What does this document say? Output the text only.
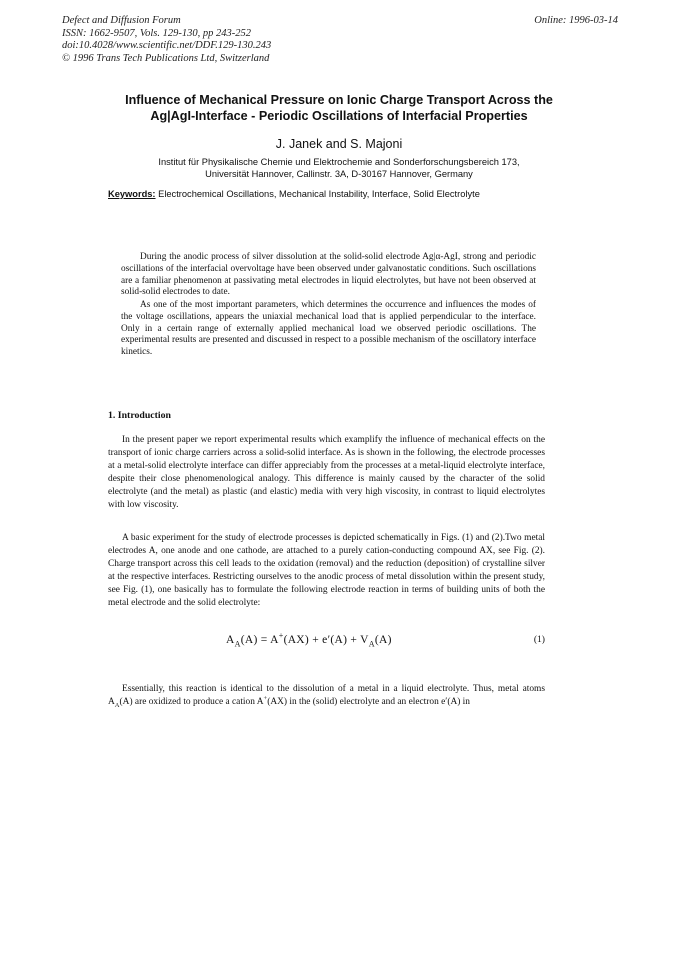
Defect and Diffusion Forum
ISSN: 1662-9507, Vols. 129-130, pp 243-252
doi:10.4028/www.scientific.net/DDF.129-130.243
© 1996 Trans Tech Publications Ltd, Switzerland
Online: 1996-03-14
Influence of Mechanical Pressure on Ionic Charge Transport Across the
Ag|AgI-Interface - Periodic Oscillations of Interfacial Properties

J. Janek and S. Majoni

Institut für Physikalische Chemie und Elektrochemie and Sonderforschungsbereich 173,
Universität Hannover, Callinstr. 3A, D-30167 Hannover, Germany

Keywords: Electrochemical Oscillations, Mechanical Instability, Interface, Solid Electrolyte

During the anodic process of silver dissolution at the solid-solid electrode Ag|α-AgI, strong and periodic oscillations of the interfacial overvoltage have been observed under galvanostatic conditions. Such oscillations are a familiar phenomenon at passivating metal electrodes in liquid electrolytes, but have not been observed at solid-solid electrodes to date.

As one of the most important parameters, which determines the occurrence and influences the modes of the voltage oscillations, appears the uniaxial mechanical load that is applied perpendicular to the interface. Only in a certain range of externally applied mechanical load we observed periodic oscillations. The experimental results are presented and discussed in respect to a possible mechanism of the oscillatory interface kinetics.

1. Introduction

In the present paper we report experimental results which examplify the influence of mechanical effects on the transport of ionic charge carriers across a solid-solid interface. As is shown in the following, the electrode processes at a metal-solid electrolyte interface can differ appreciably from the processes at a metal-liquid electrolyte interface, despite their close phenomenological analogy. This difference is mainly caused by the character of the solid electrolyte (and the metal) as plastic (and elastic) media with very high viscosity, in contrast to liquid electrolytes with low viscosity.

A basic experiment for the study of electrode processes is depicted schematically in Figs. (1) and (2).Two metal electrodes A, one anode and one cathode, are attached to a purely cation-conducting compound AX, see Fig. (2). Charge transport across this cell leads to the oxidation (removal) and the reduction (deposition) of crystalline silver at the respective interfaces. Restricting ourselves to the anodic process of metal dissolution within the present study, see Fig. (1), one basically has to formulate the following electrode reaction in terms of building units of both the metal electrode and the solid electrolyte:

$A_A(A) = A^+(AX) + e'(A) + V_A(A)$	(1)

Essentially, this reaction is identical to the dissolution of a metal in a liquid electrolyte. Thus, metal atoms $A_A(A)$ are oxidized to produce a cation A+(AX) in the (solid) electrolyte and an electron e′(A) in
